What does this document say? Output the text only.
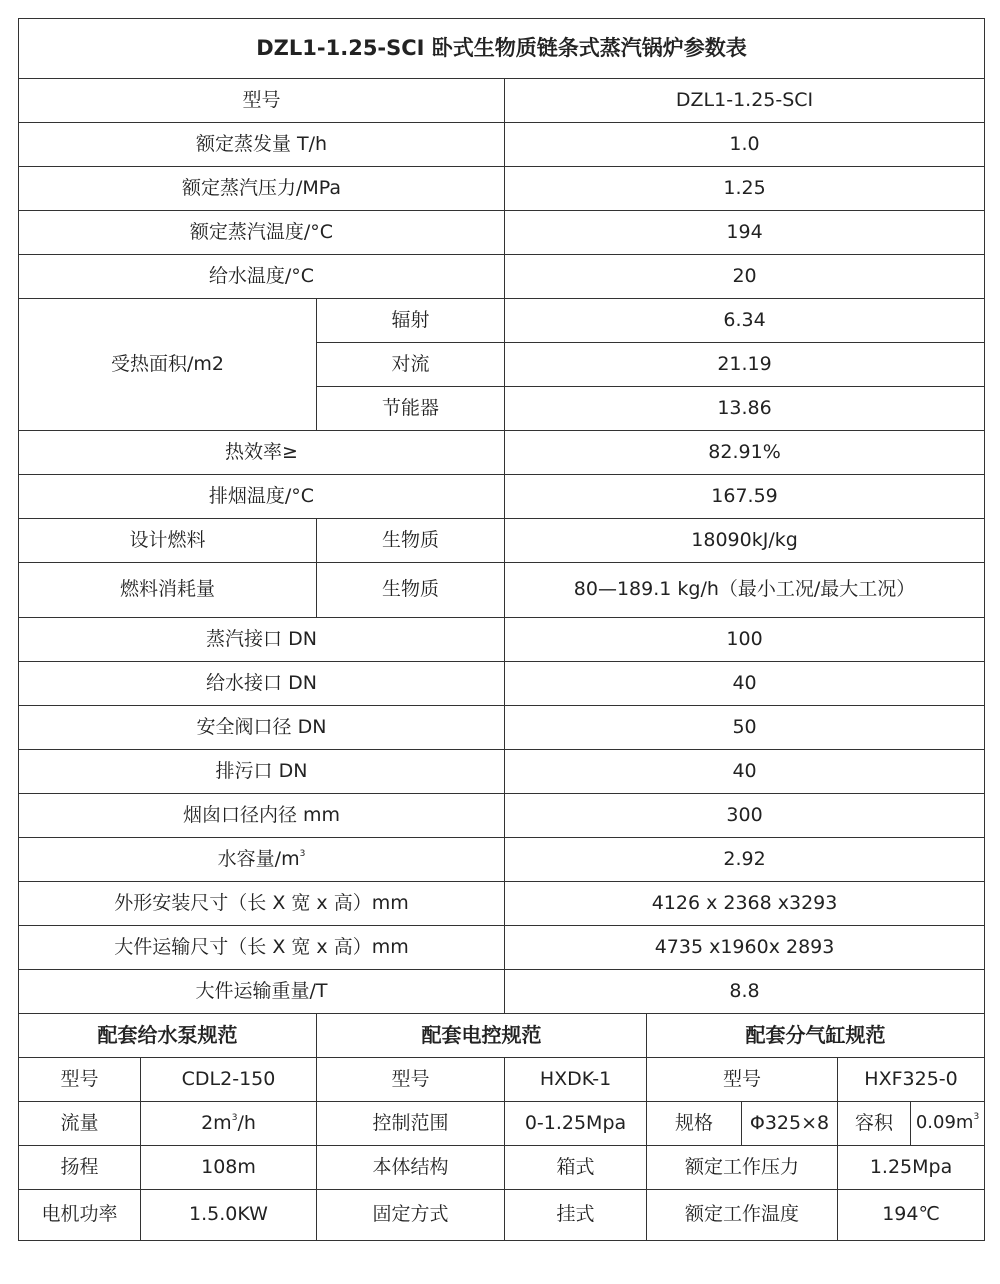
DZL1-1.25-SCI 卧式生物质链条式蒸汽锅炉参数表							
型号			DZL1-1.25-SCI				
额定蒸发量 T/h			1.0				
额定蒸汽压力/MPa			1.25				
额定蒸汽温度/°C			194				
给水温度/°C			20				
受热面积/m2		辐射	6.34				
		对流	21.19				
		节能器	13.86				
热效率≥			82.91%				
排烟温度/°C			167.59				
设计燃料		生物质	18090kJ/kg				
燃料消耗量		生物质	80—189.1 kg/h（最小工况/最大工况）				
蒸汽接口 DN			100				
给水接口 DN			40				
安全阀口径 DN			50				
排污口 DN			40				
烟囱口径内径 mm			300				
水容量$/m^3$			2.92				
外形安装尺寸（长 X 宽 x 高）mm			4126 x 2368 x3293				
大件运输尺寸（长 X 宽 x 高）mm			4735 x1960x 2893				
大件运输重量/T			8.8				
配套给水泵规范		配套电控规范		配套分气缸规范			
型号	CDL2-150	型号	HXDK-1	型号		HXF325-0	
流量	$2m^3/h$	控制范围	0-1.25Mpa	规格	Φ325×8	容积	$0.09m^3$
扬程	108m	本体结构	箱式	额定工作压力		1.25Mpa	
电机功率	1.5.0KW	固定方式	挂式	额定工作温度		194℃	
